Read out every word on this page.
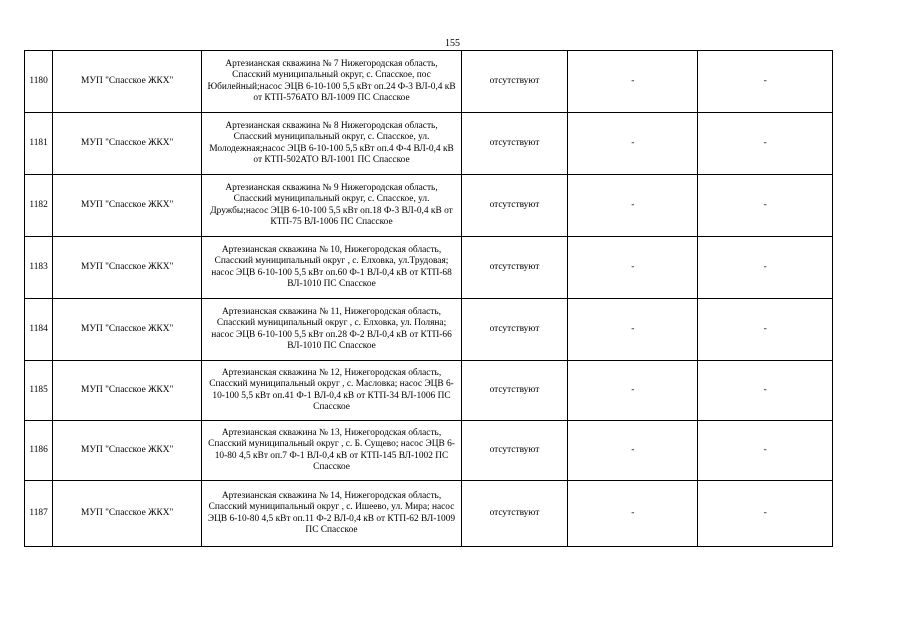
155
1180	МУП "Спасское ЖКХ"	Артезианская скважина № 7 Нижегородская область, Спасский муниципальный округ, с. Спасское, пос Юбилейный;насос ЭЦВ 6-10-100 5,5 кВт оп.24 Ф-3 ВЛ-0,4 кВ от КТП-576АТО ВЛ-1009 ПС Спасское	отсутствуют	-	-
1181	МУП "Спасское ЖКХ"	Артезианская скважина № 8 Нижегородская область, Спасский муниципальный округ, с. Спасское, ул. Молодежная;насос ЭЦВ 6-10-100 5,5 кВт оп.4 Ф-4 ВЛ-0,4 кВ от КТП-502АТО ВЛ-1001 ПС Спасское	отсутствуют	-	-
1182	МУП "Спасское ЖКХ"	Артезианская скважина № 9 Нижегородская область, Спасский муниципальный округ, с. Спасское, ул. Дружбы;насос ЭЦВ 6-10-100 5,5 кВт оп.18 Ф-3 ВЛ-0,4 кВ от КТП-75 ВЛ-1006 ПС Спасское	отсутствуют	-	-
1183	МУП "Спасское ЖКХ"	Артезианская скважина № 10, Нижегородская область, Спасский муниципальный округ , с. Елховка, ул.Трудовая; насос ЭЦВ 6-10-100 5,5 кВт оп.60 Ф-1 ВЛ-0,4 кВ от КТП-68 ВЛ-1010 ПС Спасское	отсутствуют	-	-
1184	МУП "Спасское ЖКХ"	Артезианская скважина № 11, Нижегородская область, Спасский муниципальный округ , с. Елховка, ул. Поляна; насос ЭЦВ 6-10-100 5,5 кВт оп.28 Ф-2 ВЛ-0,4 кВ от КТП-66 ВЛ-1010 ПС Спасское	отсутствуют	-	-
1185	МУП "Спасское ЖКХ"	Артезианская скважина № 12, Нижегородская область, Спасский муниципальный округ , с. Масловка; насос ЭЦВ 6-10-100 5,5 кВт оп.41 Ф-1 ВЛ-0,4 кВ от КТП-34 ВЛ-1006 ПС Спасское	отсутствуют	-	-
1186	МУП "Спасское ЖКХ"	Артезианская скважина № 13, Нижегородская область, Спасский муниципальный округ , с. Б. Сущево; насос ЭЦВ 6-10-80 4,5 кВт оп.7 Ф-1 ВЛ-0,4 кВ от КТП-145 ВЛ-1002 ПС Спасское	отсутствуют	-	-
1187	МУП "Спасское ЖКХ"	Артезианская скважина № 14, Нижегородская область, Спасский муниципальный округ , с. Ишеево, ул. Мира; насос ЭЦВ 6-10-80 4,5 кВт оп.11 Ф-2 ВЛ-0,4 кВ от КТП-62 ВЛ-1009 ПС Спасское	отсутствуют	-	-
